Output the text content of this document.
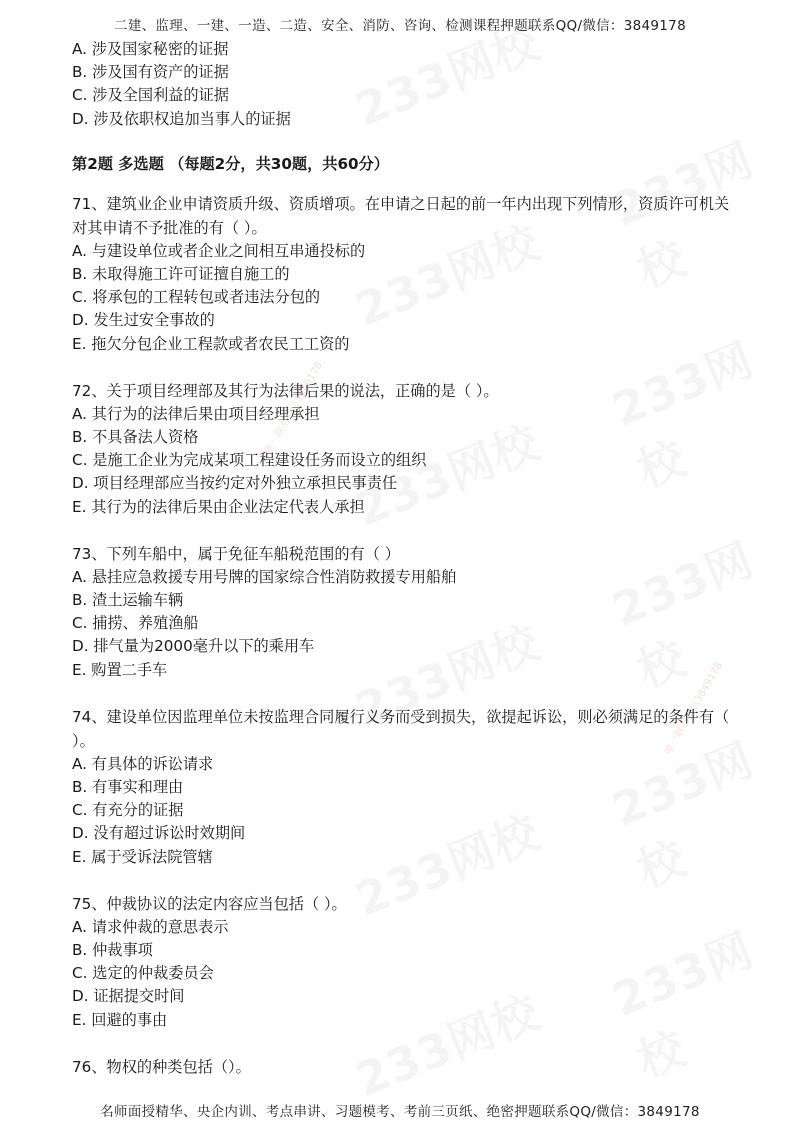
唯一联系微信3849178
唯一联系微信3849178
二建、监理、一建、一造、二造、安全、消防、咨询、检测课程押题联系QQ/微信：3849178
A. 涉及国家秘密的证据
B. 涉及国有资产的证据
C. 涉及全国利益的证据
D. 涉及依职权追加当事人的证据
第2题 多选题 （每题2分，共30题，共60分）
71、建筑业企业申请资质升级、资质增项。在申请之日起的前一年内出现下列情形，资质许可机关对其申请不予批准的有（ ）。
A. 与建设单位或者企业之间相互串通投标的
B. 未取得施工许可证擅自施工的
C. 将承包的工程转包或者违法分包的
D. 发生过安全事故的
E. 拖欠分包企业工程款或者农民工工资的
72、关于项目经理部及其行为法律后果的说法，正确的是（ ）。
A. 其行为的法律后果由项目经理承担
B. 不具备法人资格
C. 是施工企业为完成某项工程建设任务而设立的组织
D. 项目经理部应当按约定对外独立承担民事责任
E. 其行为的法律后果由企业法定代表人承担
73、下列车船中，属于免征车船税范围的有（ ）
A. 悬挂应急救援专用号牌的国家综合性消防救援专用船舶
B. 渣土运输车辆
C. 捕捞、养殖渔船
D. 排气量为2000毫升以下的乘用车
E. 购置二手车
74、建设单位因监理单位未按监理合同履行义务而受到损失，欲提起诉讼，则必须满足的条件有（ ）。
A. 有具体的诉讼请求
B. 有事实和理由
C. 有充分的证据
D. 没有超过诉讼时效期间
E. 属于受诉法院管辖
75、仲裁协议的法定内容应当包括（ ）。
A. 请求仲裁的意思表示
B. 仲裁事项
C. 选定的仲裁委员会
D. 证据提交时间
E. 回避的事由
76、物权的种类包括（）。
名师面授精华、央企内训、考点串讲、习题模考、考前三页纸、绝密押题联系QQ/微信：3849178
